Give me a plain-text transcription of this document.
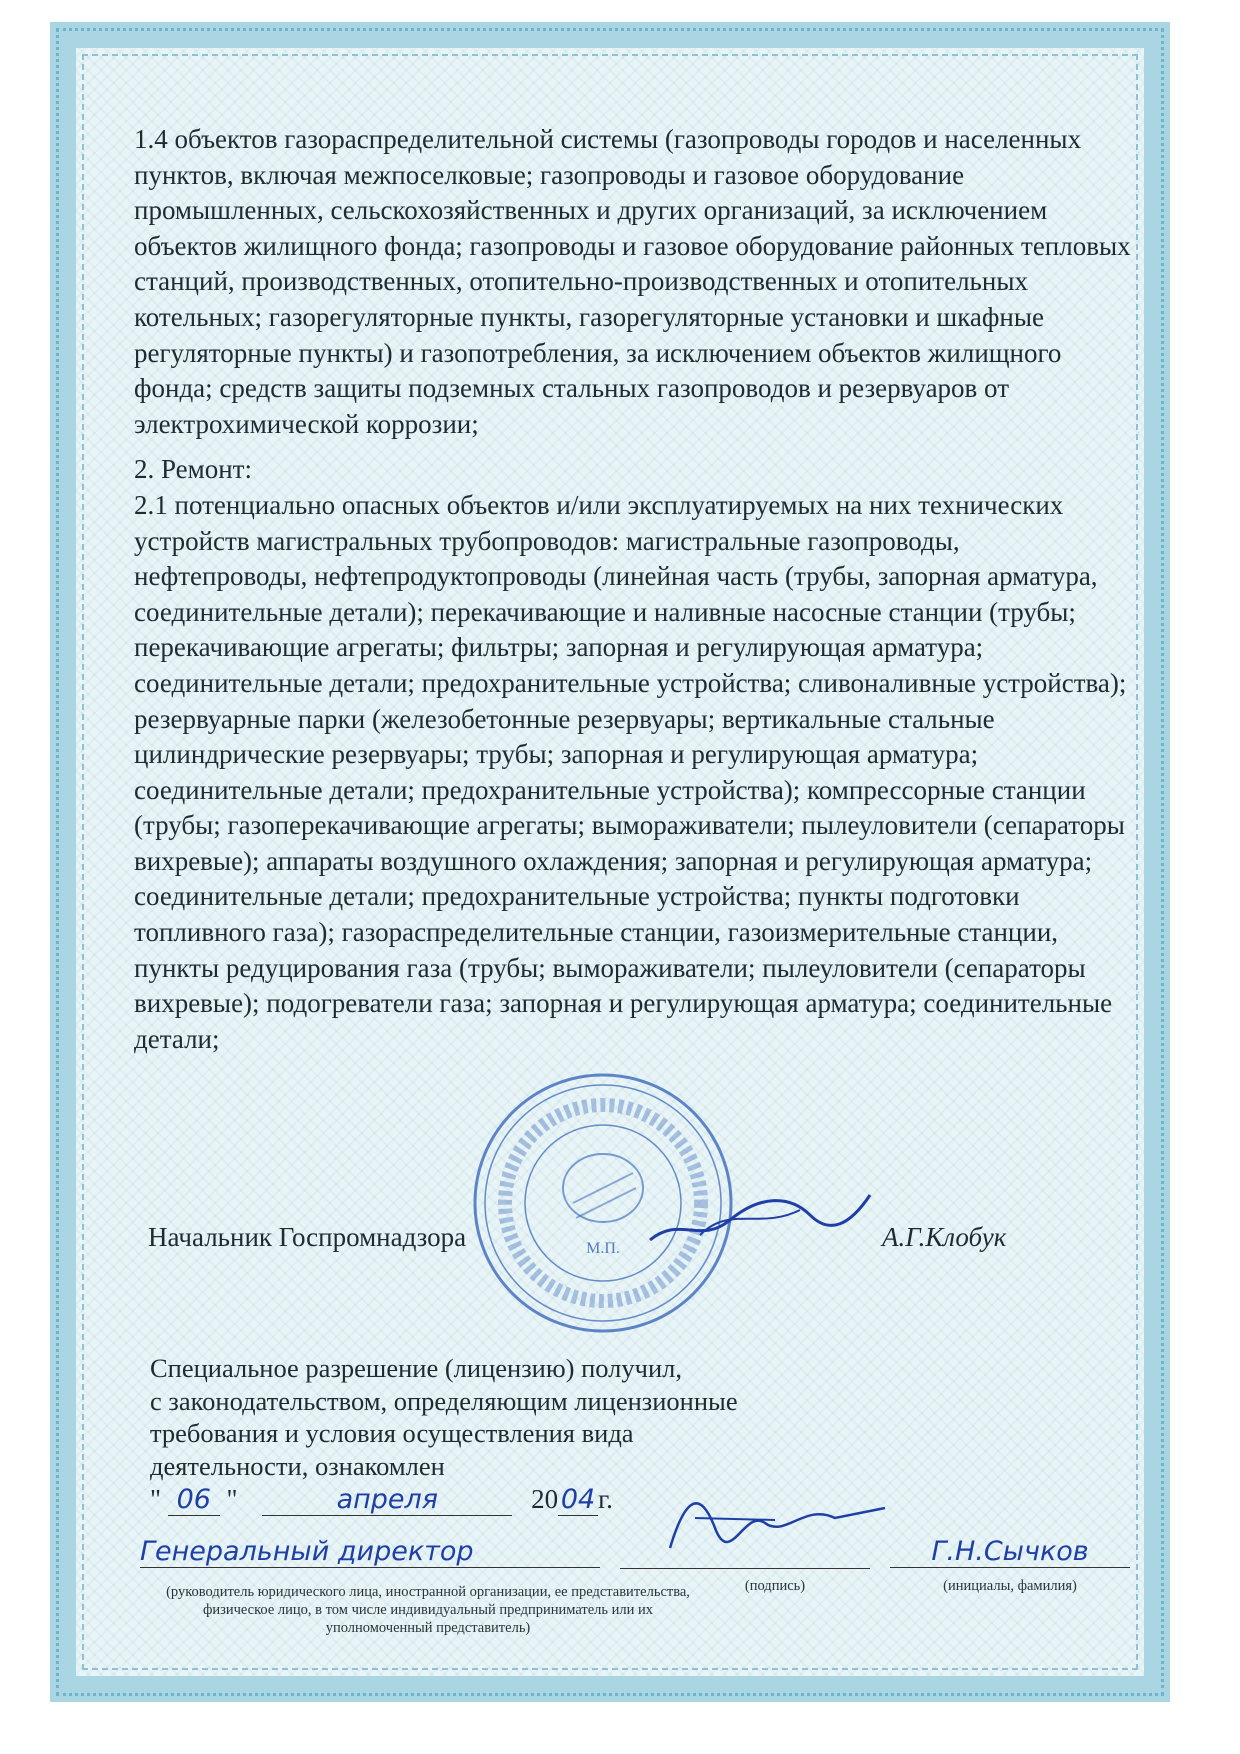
1.4 объектов газораспределительной системы (газопроводы городов и населенных пунктов, включая межпоселковые; газопроводы и газовое оборудование промышленных, сельскохозяйственных и других организаций, за исключением объектов жилищного фонда; газопроводы и газовое оборудование районных тепловых станций, производственных, отопительно-производственных и отопительных котельных; газорегуляторные пункты, газорегуляторные установки и шкафные регуляторные пункты) и газопотребления, за исключением объектов жилищного фонда; средств защиты подземных стальных газопроводов и резервуаров от электрохимической коррозии;

2. Ремонт:

2.1 потенциально опасных объектов и/или эксплуатируемых на них технических устройств магистральных трубопроводов: магистральные газопроводы, нефтепроводы, нефтепродуктопроводы (линейная часть (трубы, запорная арматура, соединительные детали); перекачивающие и наливные насосные станции (трубы; перекачивающие агрегаты; фильтры; запорная и регулирующая арматура; соединительные детали; предохранительные устройства; сливоналивные устройства); резервуарные парки (железобетонные резервуары; вертикальные стальные цилиндрические резервуары; трубы; запорная и регулирующая арматура; соединительные детали; предохранительные устройства); компрессорные станции (трубы; газоперекачивающие агрегаты; вымораживатели; пылеуловители (сепараторы вихревые); аппараты воздушного охлаждения; запорная и регулирующая арматура; соединительные детали; предохранительные устройства; пункты подготовки топливного газа); газораспределительные станции, газоизмерительные станции, пункты редуцирования газа (трубы; вымораживатели; пылеуловители (сепараторы вихревые); подогреватели газа; запорная и регулирующая арматура; соединительные детали;

М.П.
Начальник Госпромнадзора	А.Г.Клобук

Специальное разрешение (лицензию) получил,

с законодательством, определяющим лицензионные

требования и условия осуществления вида

деятельности, ознакомлен

" 06 "	апреля	20 04 г.
Генеральный директор	Г.Н.Сычков
(руководитель юридического лица, иностранной организации, ее представительства, физическое лицо, в том числе индивидуальный предприниматель или их уполномоченный представитель)
(подпись)	(инициалы, фамилия)
